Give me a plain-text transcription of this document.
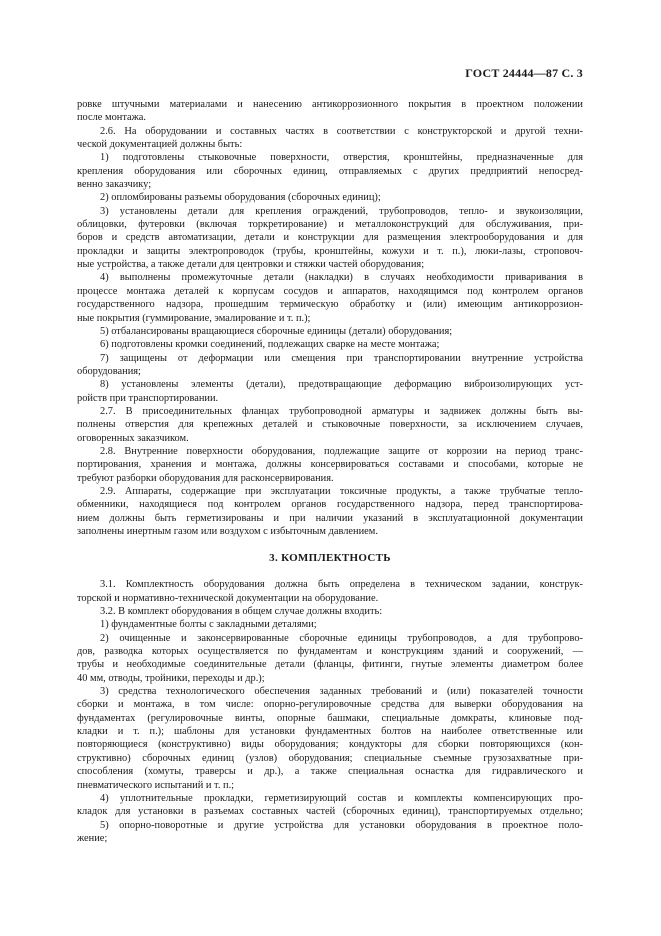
ГОСТ 24444—87 С. 3
ровке штучными материалами и нанесению антикоррозионного покрытия в проектном положении
после монтажа.
2.6. На оборудовании и составных частях в соответствии с конструкторской и другой техни-
ческой документацией должны быть:
1) подготовлены стыковочные поверхности, отверстия, кронштейны, предназначенные для
крепления оборудования или сборочных единиц, отправляемых с других предприятий непосред-
венно заказчику;
2) опломбированы разъемы оборудования (сборочных единиц);
3) установлены детали для крепления ограждений, трубопроводов, тепло- и звукоизоляции,
облицовки, футеровки (включая торкретирование) и металлоконструкций для обслуживания, при-
боров и средств автоматизации, детали и конструкции для размещения электрооборудования и для
прокладки и защиты электропроводок (трубы, кронштейны, кожухи и т. п.), люки-лазы, строповоч-
ные устройства, а также детали для центровки и стяжки частей оборудования;
4) выполнены промежуточные детали (накладки) в случаях необходимости приваривания в
процессе монтажа деталей к корпусам сосудов и аппаратов, находящимся под контролем органов
государственного надзора, прошедшим термическую обработку и (или) имеющим антикоррозион-
ные покрытия (гуммирование, эмалирование и т. п.);
5) отбалансированы вращающиеся сборочные единицы (детали) оборудования;
6) подготовлены кромки соединений, подлежащих сварке на месте монтажа;
7) защищены от деформации или смещения при транспортировании внутренние устройства
оборудования;
8) установлены элементы (детали), предотвращающие деформацию виброизолирующих уст-
ройств при транспортировании.
2.7. В присоединительных фланцах трубопроводной арматуры и задвижек должны быть вы-
полнены отверстия для крепежных деталей и стыковочные поверхности, за исключением случаев,
оговоренных заказчиком.
2.8. Внутренние поверхности оборудования, подлежащие защите от коррозии на период транс-
портирования, хранения и монтажа, должны консервироваться составами и способами, которые не
требуют разборки оборудования для расконсервирования.
2.9. Аппараты, содержащие при эксплуатации токсичные продукты, а также трубчатые тепло-
обменники, находящиеся под контролем органов государственного надзора, перед транспортирова-
нием должны быть герметизированы и при наличии указаний в эксплуатационной документации
заполнены инертным газом или воздухом с избыточным давлением.
3. КОМПЛЕКТНОСТЬ
3.1. Комплектность оборудования должна быть определена в техническом задании, конструк-
торской и нормативно-технической документации на оборудование.
3.2. В комплект оборудования в общем случае должны входить:
1) фундаментные болты с закладными деталями;
2) очищенные и законсервированные сборочные единицы трубопроводов, а для трубопрово-
дов, разводка которых осуществляется по фундаментам и конструкциям зданий и сооружений, —
трубы и необходимые соединительные детали (фланцы, фитинги, гнутые элементы диаметром более
40 мм, отводы, тройники, переходы и др.);
3) средства технологического обеспечения заданных требований и (или) показателей точности
сборки и монтажа, в том числе: опорно-регулировочные средства для выверки оборудования на
фундаментах (регулировочные винты, опорные башмаки, специальные домкраты, клиновые под-
кладки и т. п.); шаблоны для установки фундаментных болтов на наиболее ответственные или
повторяющиеся (конструктивно) виды оборудования; кондукторы для сборки повторяющихся (кон-
структивно) сборочных единиц (узлов) оборудования; специальные съемные грузозахватные при-
способления (хомуты, траверсы и др.), а также специальная оснастка для гидравлического и
пневматического испытаний и т. п.;
4) уплотнительные прокладки, герметизирующий состав и комплекты компенсирующих про-
кладок для установки в разъемах составных частей (сборочных единиц), транспортируемых отдельно;
5) опорно-поворотные и другие устройства для установки оборудования в проектное поло-
жение;
